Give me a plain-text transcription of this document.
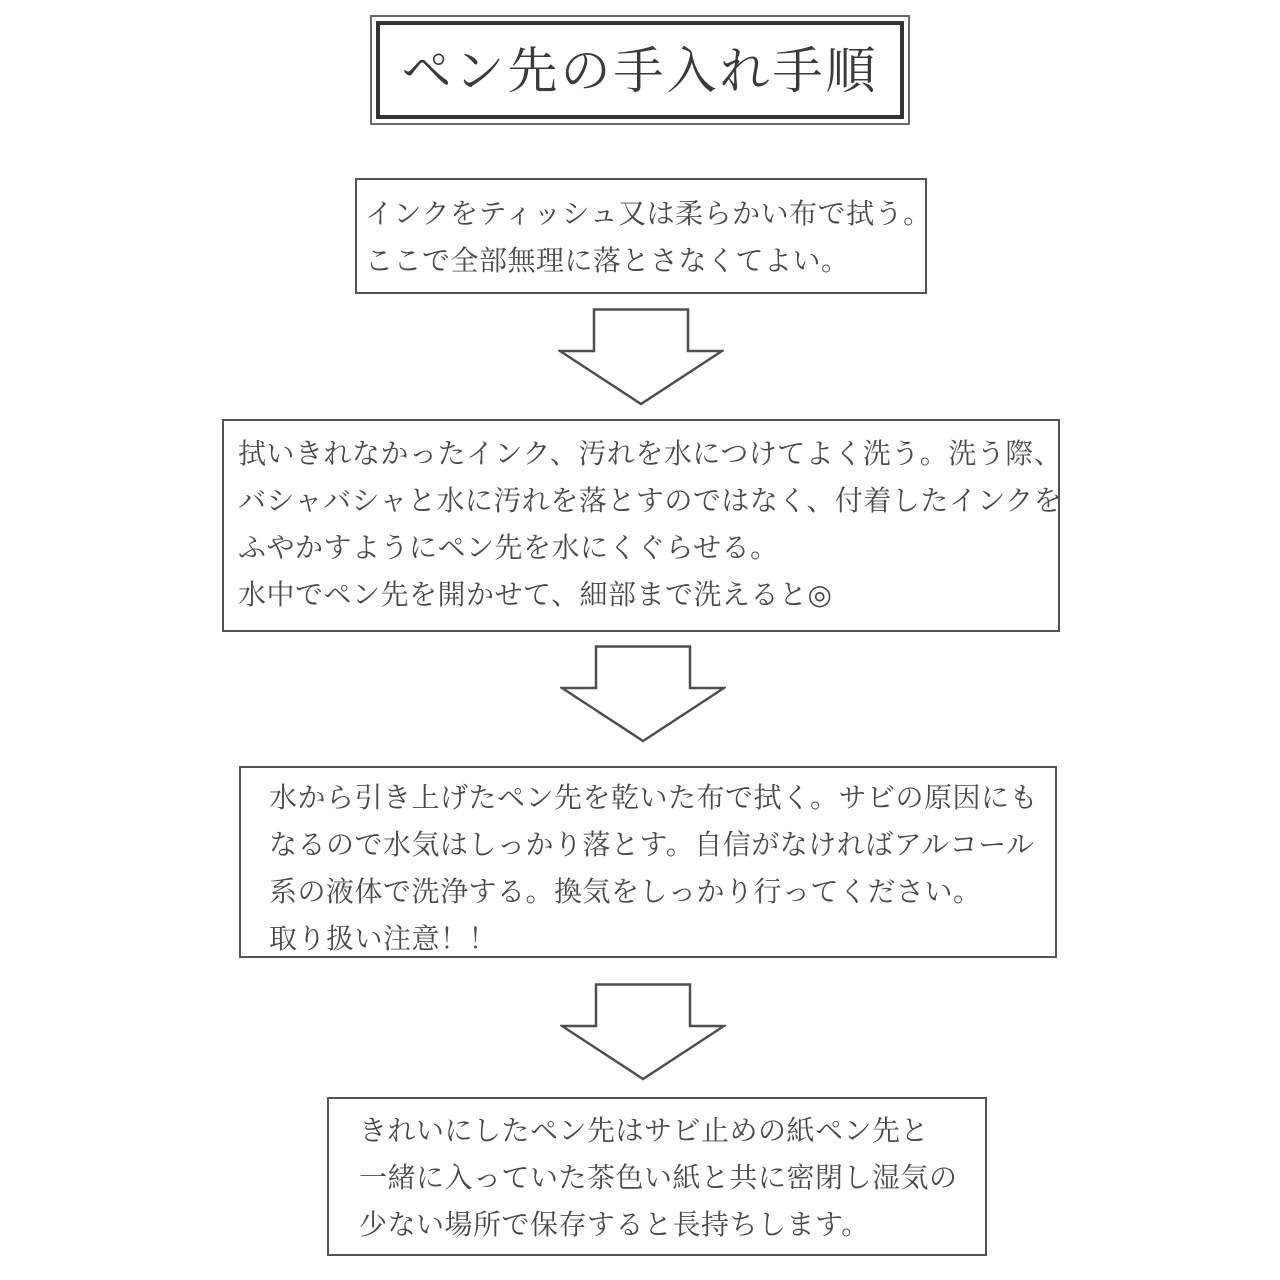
ペン先の手入れ手順
インクをティッシュ又は柔らかい布で拭う。
ここで全部無理に落とさなくてよい。
拭いきれなかったインク、汚れを水につけてよく洗う。洗う際、
バシャバシャと水に汚れを落とすのではなく、付着したインクを
ふやかすようにペン先を水にくぐらせる。
水中でペン先を開かせて、細部まで洗えると◎
水から引き上げたペン先を乾いた布で拭く。サビの原因にも
なるので水気はしっかり落とす。自信がなければアルコール
系の液体で洗浄する。換気をしっかり行ってください。
取り扱い注意！！
きれいにしたペン先はサビ止めの紙ペン先と
一緒に入っていた茶色い紙と共に密閉し湿気の
少ない場所で保存すると長持ちします。
